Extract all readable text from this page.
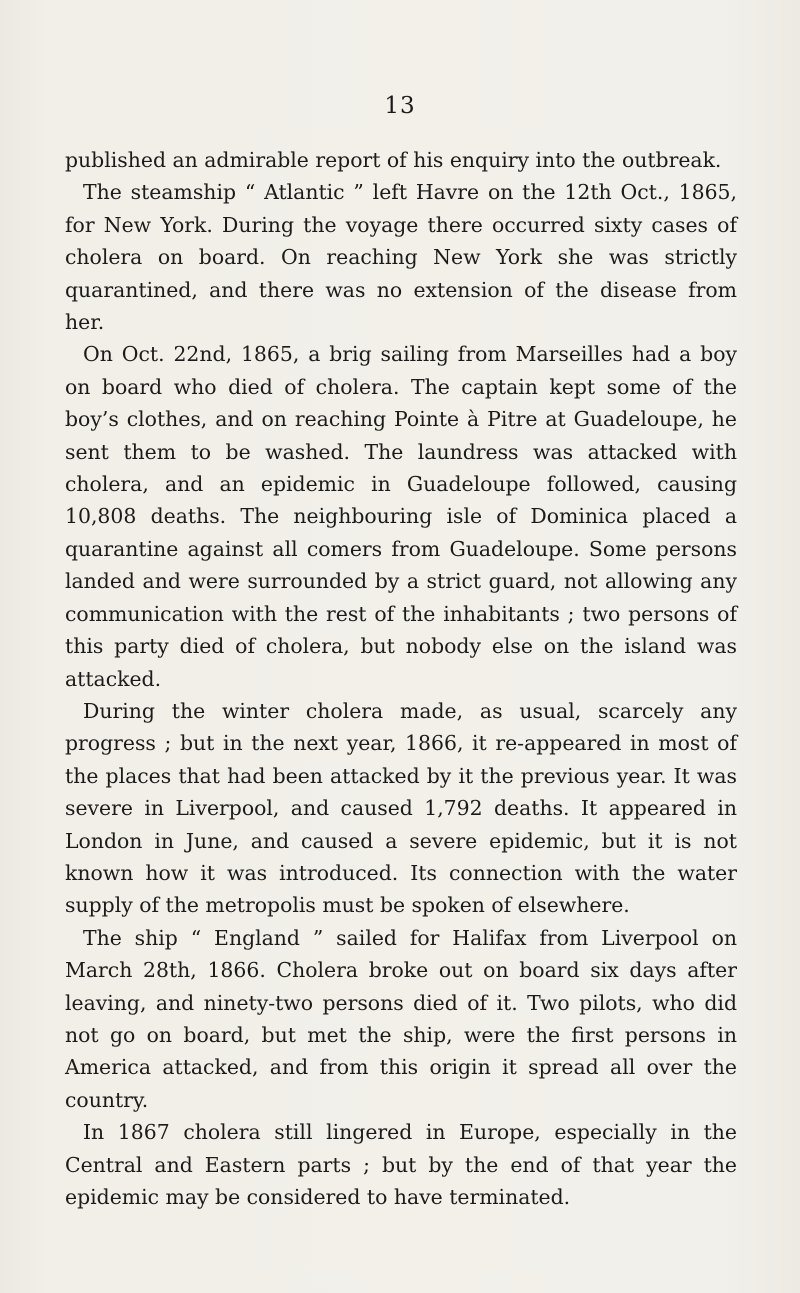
13

published an admirable report of his enquiry into the outbreak.

The steamship “ Atlantic ” left Havre on the 12th Oct., 1865, for New York. During the voyage there occurred sixty cases of cholera on board. On reaching New York she was strictly quarantined, and there was no extension of the disease from her.

On Oct. 22nd, 1865, a brig sailing from Marseilles had a boy on board who died of cholera. The captain kept some of the boy’s clothes, and on reaching Pointe à Pitre at Guadeloupe, he sent them to be washed. The laundress was attacked with cholera, and an epidemic in Guadeloupe followed, causing 10,808 deaths. The neighbouring isle of Dominica placed a quarantine against all comers from Guadeloupe. Some persons landed and were surrounded by a strict guard, not allowing any communication with the rest of the inhabitants ; two persons of this party died of cholera, but nobody else on the island was attacked.

During the winter cholera made, as usual, scarcely any progress ; but in the next year, 1866, it re-appeared in most of the places that had been attacked by it the previous year. It was severe in Liverpool, and caused 1,792 deaths. It appeared in London in June, and caused a severe epidemic, but it is not known how it was introduced. Its connection with the water supply of the metropolis must be spoken of elsewhere.

The ship “ England ” sailed for Halifax from Liverpool on March 28th, 1866. Cholera broke out on board six days after leaving, and ninety-two persons died of it. Two pilots, who did not go on board, but met the ship, were the first persons in America attacked, and from this origin it spread all over the country.

In 1867 cholera still lingered in Europe, especially in the Central and Eastern parts ; but by the end of that year the epidemic may be considered to have terminated.
